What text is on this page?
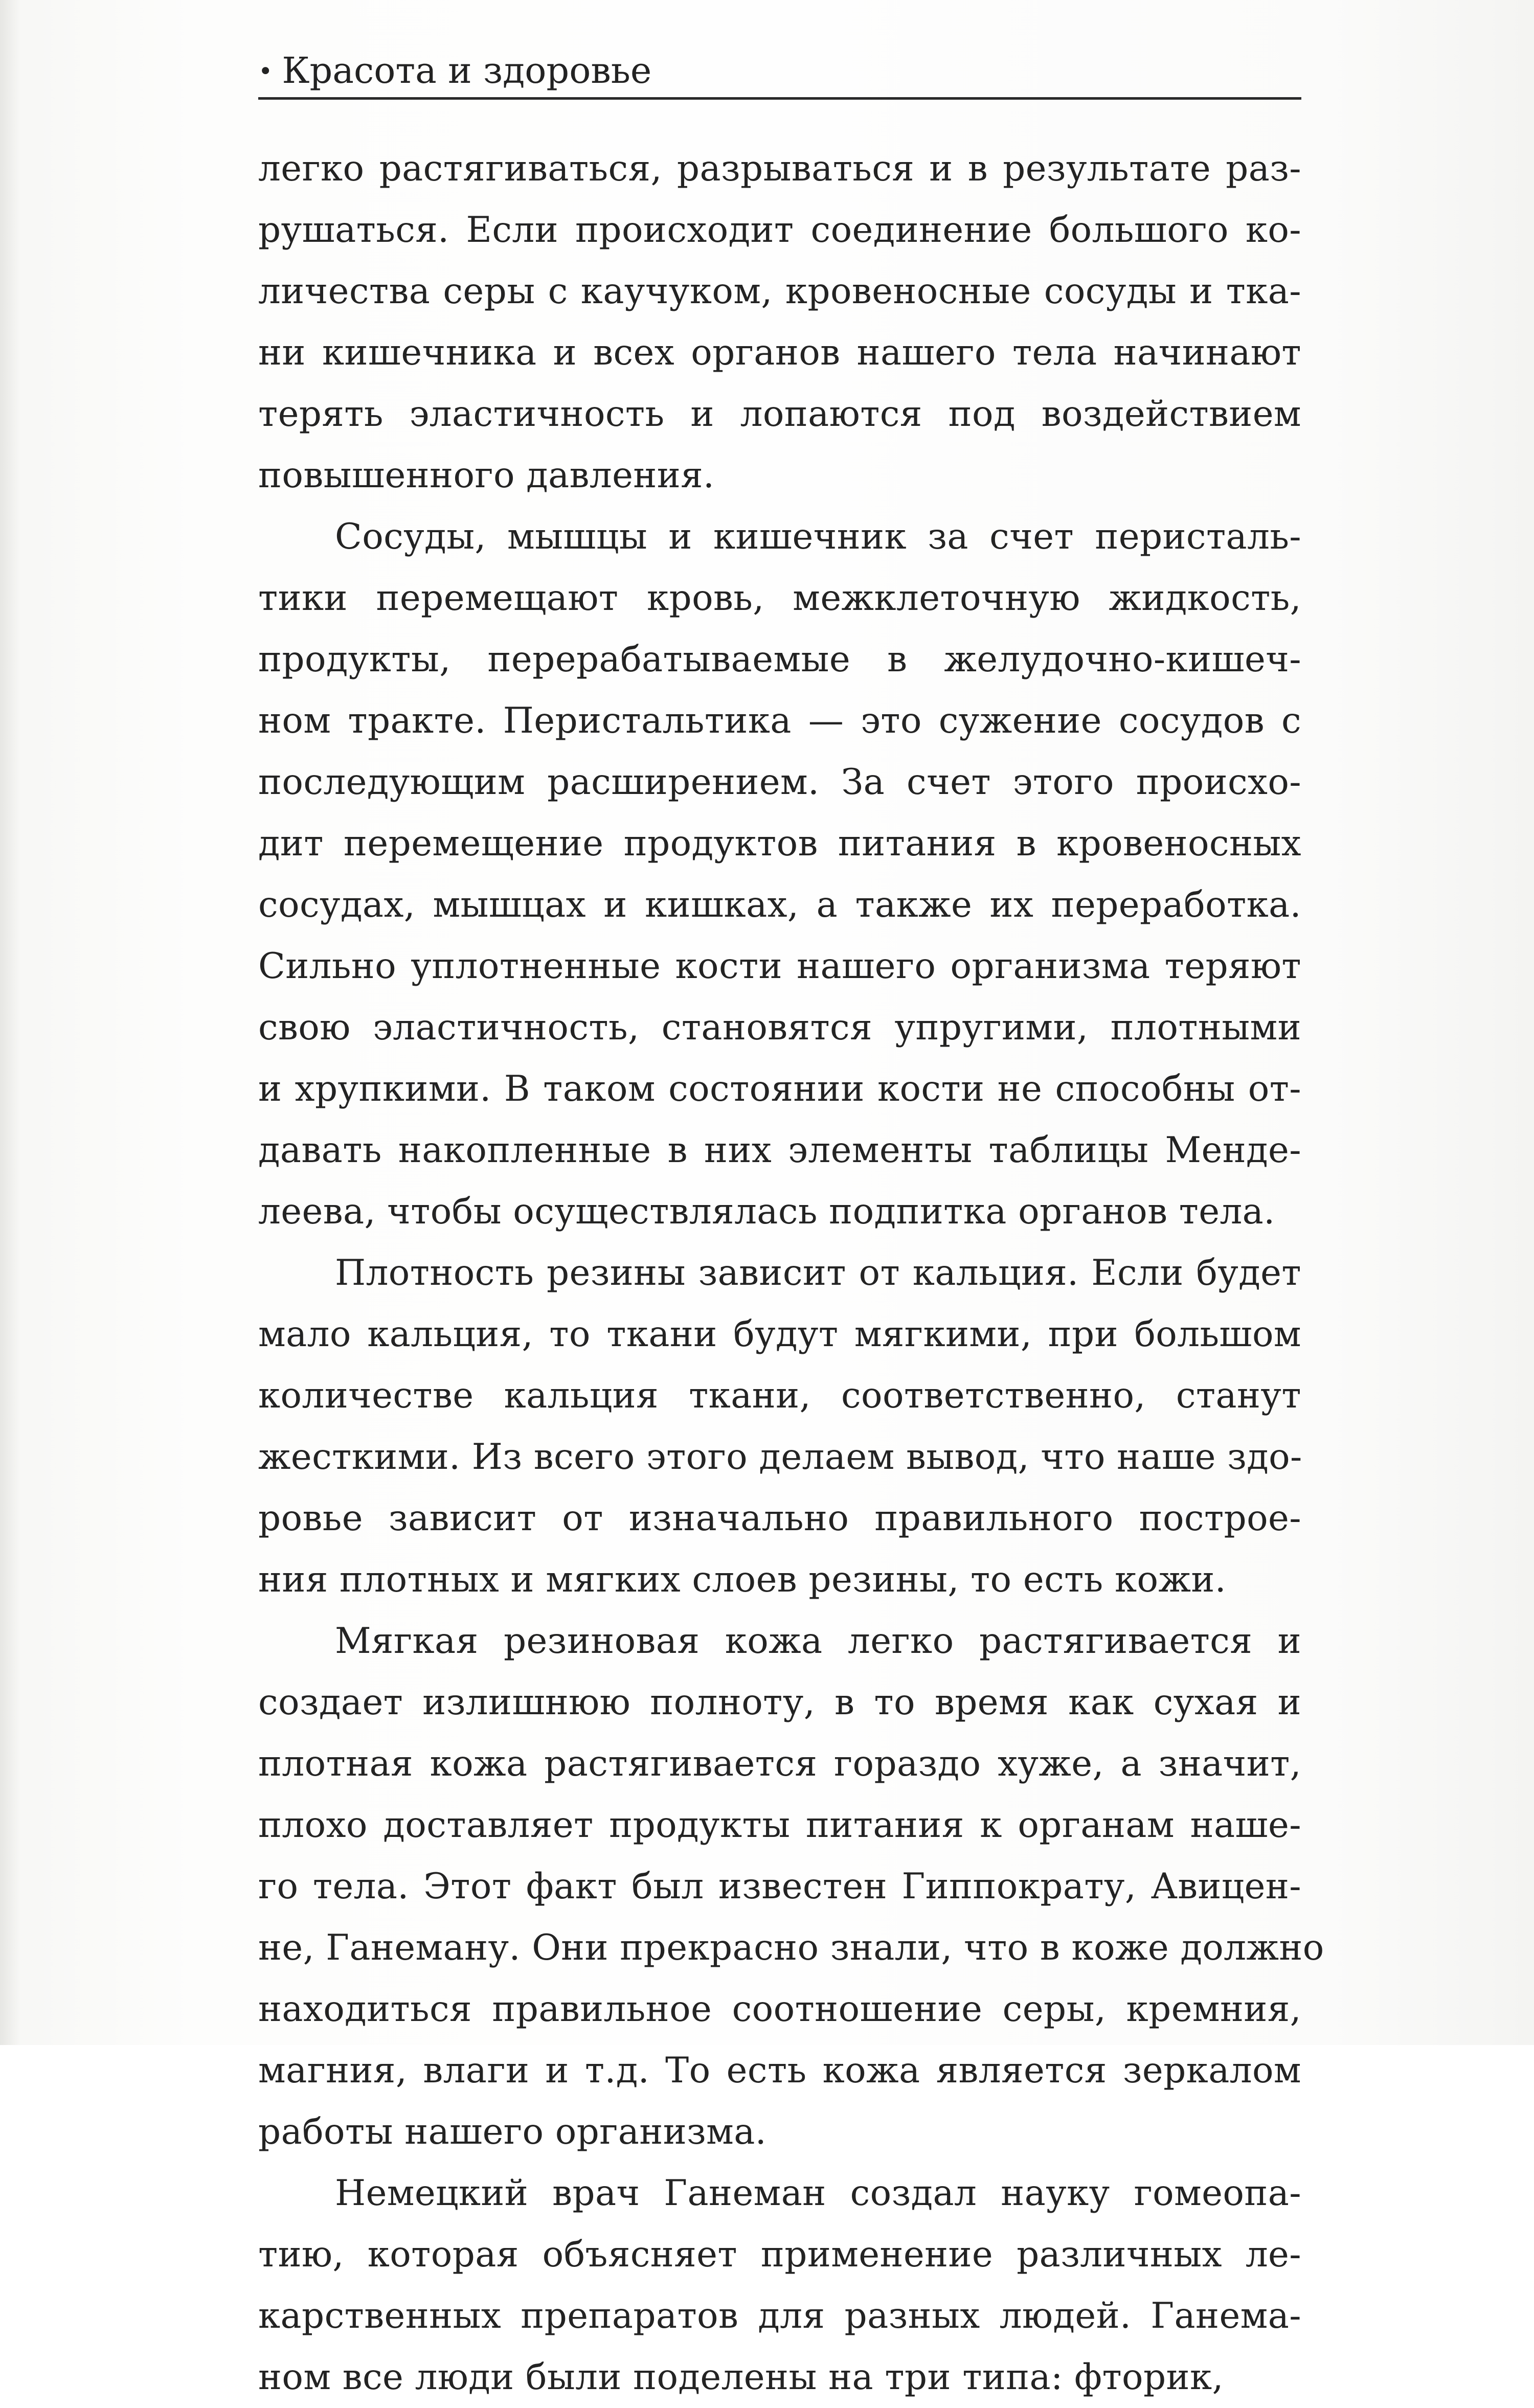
• Красота и здоровье

легко растягиваться, разрываться и в результате раз-
рушаться. Если происходит соединение большого ко-
личества серы с каучуком, кровеносные сосуды и тка-
ни кишечника и всех органов нашего тела начинают
терять эластичность и лопаются под воздействием
повышенного давления.

Сосуды, мышцы и кишечник за счет перисталь-
тики перемещают кровь, межклеточную жидкость,
продукты, перерабатываемые в желудочно-кишеч-
ном тракте. Перистальтика — это сужение сосудов с
последующим расширением. За счет этого происхо-
дит перемещение продуктов питания в кровеносных
сосудах, мышцах и кишках, а также их переработка.
Сильно уплотненные кости нашего организма теряют
свою эластичность, становятся упругими, плотными
и хрупкими. В таком состоянии кости не способны от-
давать накопленные в них элементы таблицы Менде-
леева, чтобы осуществлялась подпитка органов тела.

Плотность резины зависит от кальция. Если будет
мало кальция, то ткани будут мягкими, при большом
количестве кальция ткани, соответственно, станут
жесткими. Из всего этого делаем вывод, что наше здо-
ровье зависит от изначально правильного построе-
ния плотных и мягких слоев резины, то есть кожи.

Мягкая резиновая кожа легко растягивается и
создает излишнюю полноту, в то время как сухая и
плотная кожа растягивается гораздо хуже, а значит,
плохо доставляет продукты питания к органам наше-
го тела. Этот факт был известен Гиппократу, Авицен-
не, Ганеману. Они прекрасно знали, что в коже должно
находиться правильное соотношение серы, кремния,
магния, влаги и т.д. То есть кожа является зеркалом
работы нашего организма.

Немецкий врач Ганеман создал науку гомеопа-
тию, которая объясняет применение различных ле-
карственных препаратов для разных людей. Ганема-
ном все люди были поделены на три типа: фторик,
